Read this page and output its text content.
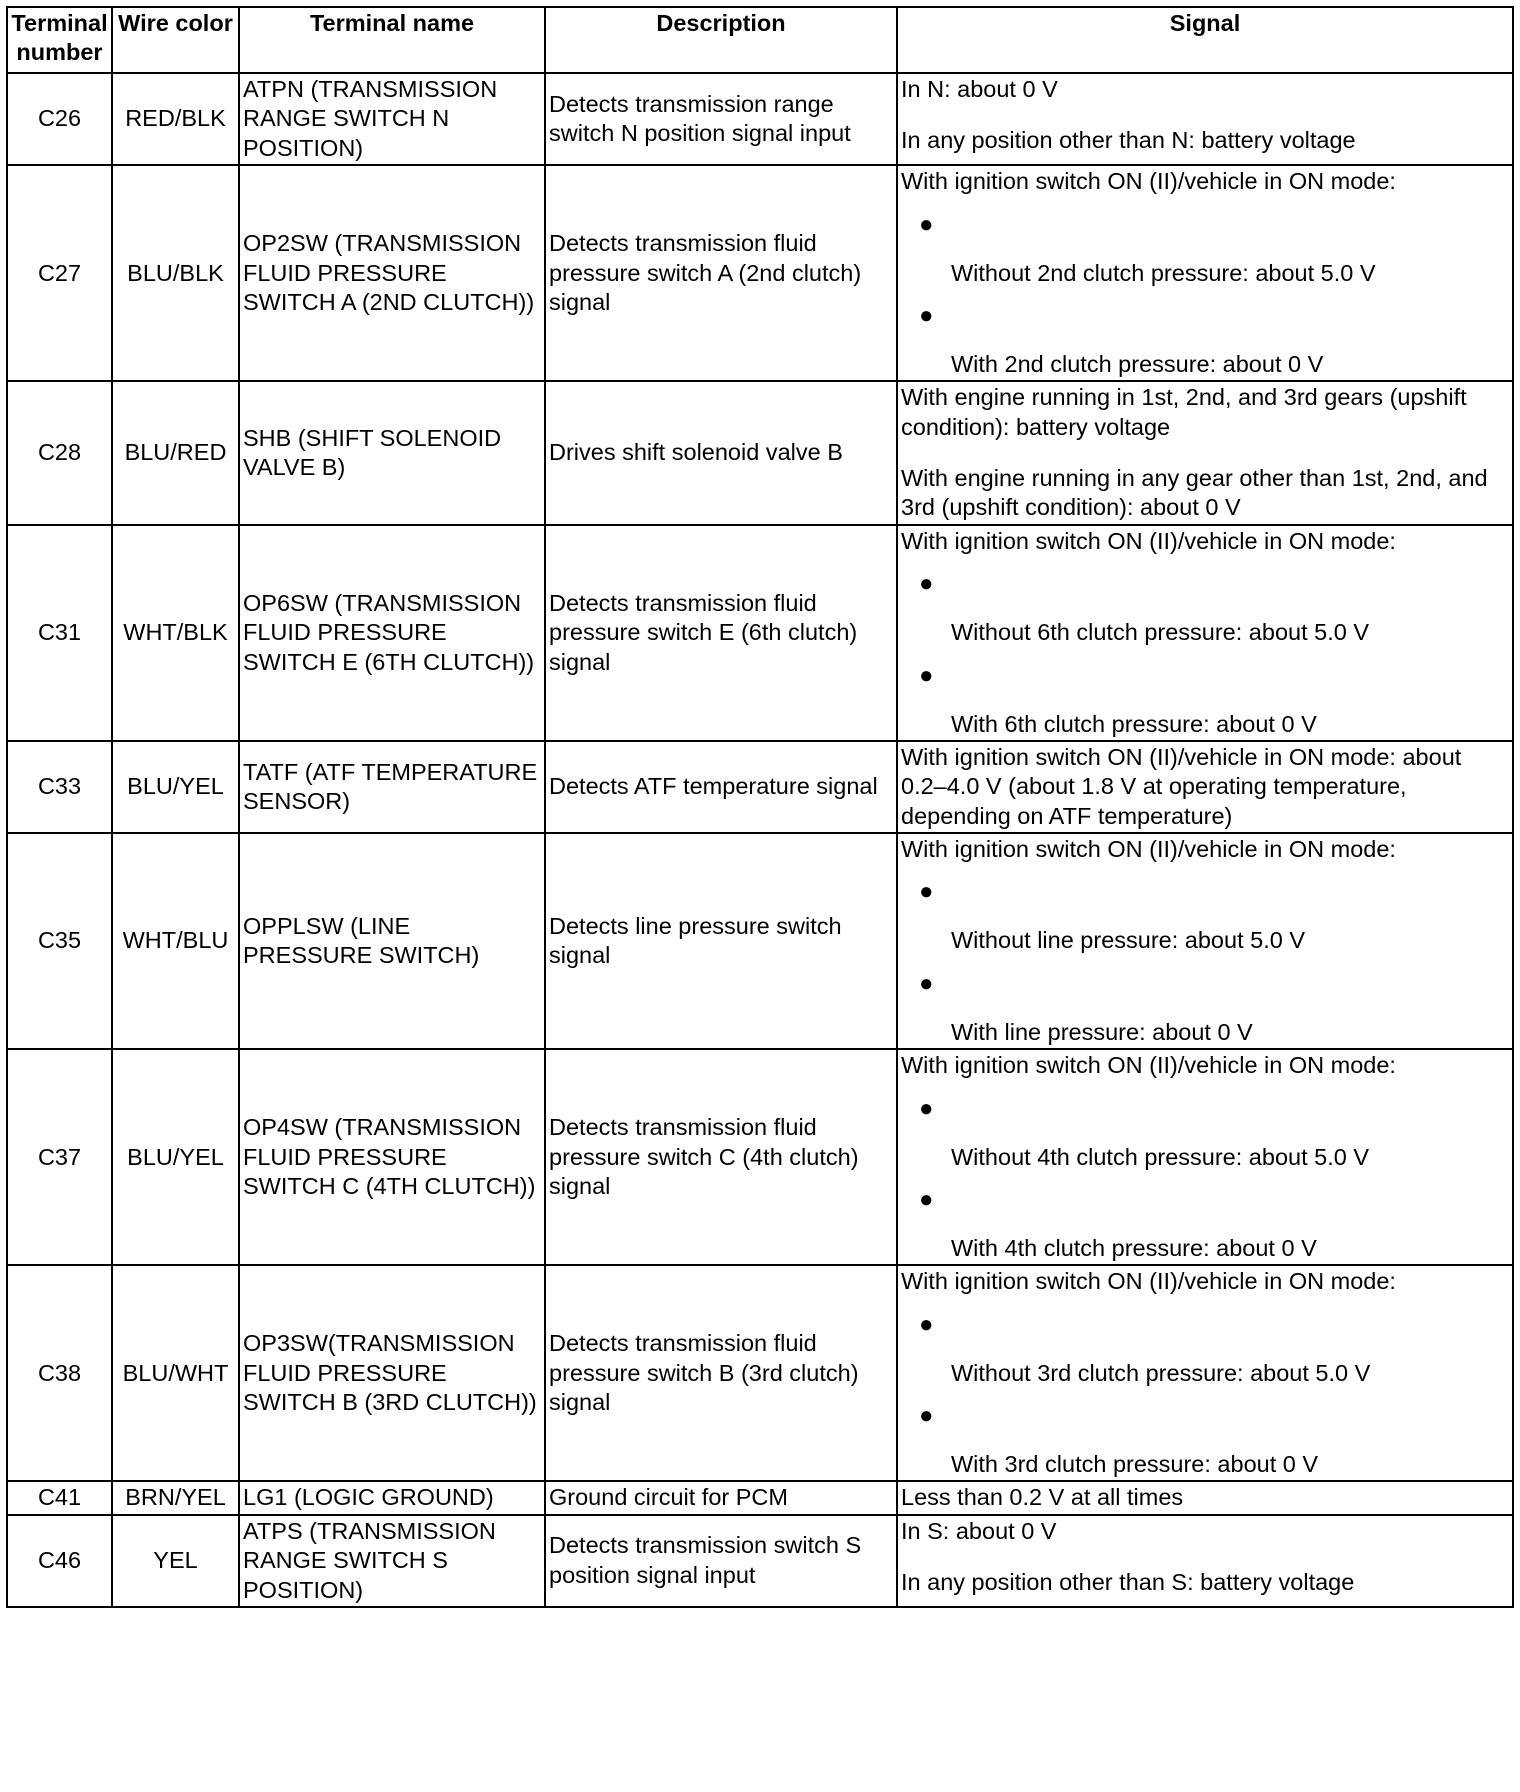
Terminal number	Wire color	Terminal name	Description	Signal
C26	RED/BLK	ATPN (TRANSMISSION RANGE SWITCH N POSITION)	Detects transmission range switch N position signal input	In N: about 0 V
In any position other than N: battery voltage

C27	BLU/BLK	OP2SW (TRANSMISSION FLUID PRESSURE SWITCH A (2ND CLUTCH))	Detects transmission fluid pressure switch A (2nd clutch) signal	With ignition switch ON (II)/vehicle in ON mode:
●
Without 2nd clutch pressure: about 5.0 V
●
With 2nd clutch pressure: about 0 V

C28	BLU/RED	SHB (SHIFT SOLENOID VALVE B)	Drives shift solenoid valve B	With engine running in 1st, 2nd, and 3rd gears (upshift condition): battery voltage
With engine running in any gear other than 1st, 2nd, and 3rd (upshift condition): about 0 V

C31	WHT/BLK	OP6SW (TRANSMISSION FLUID PRESSURE SWITCH E (6TH CLUTCH))	Detects transmission fluid pressure switch E (6th clutch) signal	With ignition switch ON (II)/vehicle in ON mode:
●
Without 6th clutch pressure: about 5.0 V
●
With 6th clutch pressure: about 0 V

C33	BLU/YEL	TATF (ATF TEMPERATURE SENSOR)	Detects ATF temperature signal	With ignition switch ON (II)/vehicle in ON mode: about 0.2–4.0 V (about 1.8 V at operating temperature, depending on ATF temperature)

C35	WHT/BLU	OPPLSW (LINE PRESSURE SWITCH)	Detects line pressure switch signal	With ignition switch ON (II)/vehicle in ON mode:
●
Without line pressure: about 5.0 V
●
With line pressure: about 0 V

C37	BLU/YEL	OP4SW (TRANSMISSION FLUID PRESSURE SWITCH C (4TH CLUTCH))	Detects transmission fluid pressure switch C (4th clutch) signal	With ignition switch ON (II)/vehicle in ON mode:
●
Without 4th clutch pressure: about 5.0 V
●
With 4th clutch pressure: about 0 V

C38	BLU/WHT	OP3SW(TRANSMISSION FLUID PRESSURE SWITCH B (3RD CLUTCH))	Detects transmission fluid pressure switch B (3rd clutch) signal	With ignition switch ON (II)/vehicle in ON mode:
●
Without 3rd clutch pressure: about 5.0 V
●
With 3rd clutch pressure: about 0 V

C41	BRN/YEL	LG1 (LOGIC GROUND)	Ground circuit for PCM	Less than 0.2 V at all times

C46	YEL	ATPS (TRANSMISSION RANGE SWITCH S POSITION)	Detects transmission switch S position signal input	In S: about 0 V
In any position other than S: battery voltage
